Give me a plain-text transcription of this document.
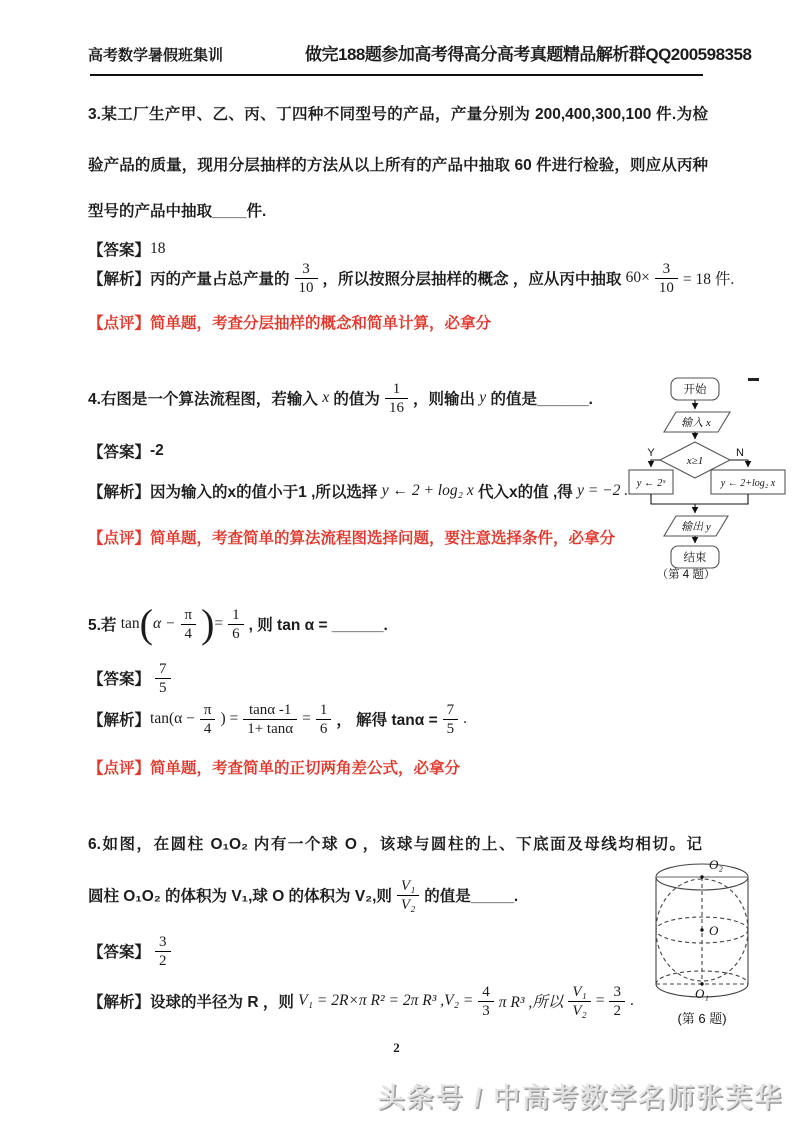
高考数学暑假班集训	做完188题参加高考得高分高考真题精品解析群QQ200598358
3.某工厂生产甲、乙、丙、丁四种不同型号的产品，产量分别为 200,400,300,100 件.为检
验产品的质量，现用分层抽样的方法从以上所有的产品中抽取 60 件进行检验，则应从丙种
型号的产品中抽取____件.
【答案】 18
【解析】 丙的产量占总产量的 $\frac{3}{10}$ ，所以按照分层抽样的概念 ，应从丙中抽取 $60\times \frac{3}{10} = 18$ 件.
【点评】简单题，考查分层抽样的概念和简单计算，必拿分
4.右图是一个算法流程图，若输入 x 的值为 $\frac{1}{16}$ ，则输出 y 的值是______.
【答案】 -2
【解析】 因为输入的x的值小于1 ,所以选择 y ← 2 + log₂ x 代入x的值 ,得 y = −2 .
【点评】简单题，考查简单的算法流程图选择问题，要注意选择条件，必拿分
开始
输入 x
x≥1
Y	N
y ← 2ˣ	y ← 2+log₂ x
输出 y
结束
（第 4 题）
5.若 tan ( $\alpha - \frac{\pi}{4}$ ) = $\frac{1}{6}$ , 则 tan α = ______.
【答案】 $\frac{7}{5}$
【解析】 $\tan(\alpha - \frac{\pi}{4}$ ) = $\frac{\tan\alpha -1}{1+ \tan\alpha} = \frac{1}{6}$ ， 解得 $\tan\alpha = \frac{7}{5}$ .
【点评】简单题，考查简单的正切两角差公式，必拿分
6.如图，在圆柱 O₁O₂ 内有一个球 O ，该球与圆柱的上、下底面及母线均相切。记
圆柱 O₁O₂ 的体积为 V₁,球 O 的体积为 V₂,则 $\frac{\text{V₁}}{\text{V₂}}$ 的值是_____.
【答案】 $\frac{3}{2}$
【解析】 设球的半径为 R ，则 V₁ = 2R×π R² = 2π R³ $,V_2 = \frac{4}{3}$ π R³ ,所以 $\frac{\text{V₁}}{\text{V₂}} = \frac{3}{2}$ .
O₂
O
O₁
(第 6 题)
2
头条号 / 中高考数学名师张芙华
